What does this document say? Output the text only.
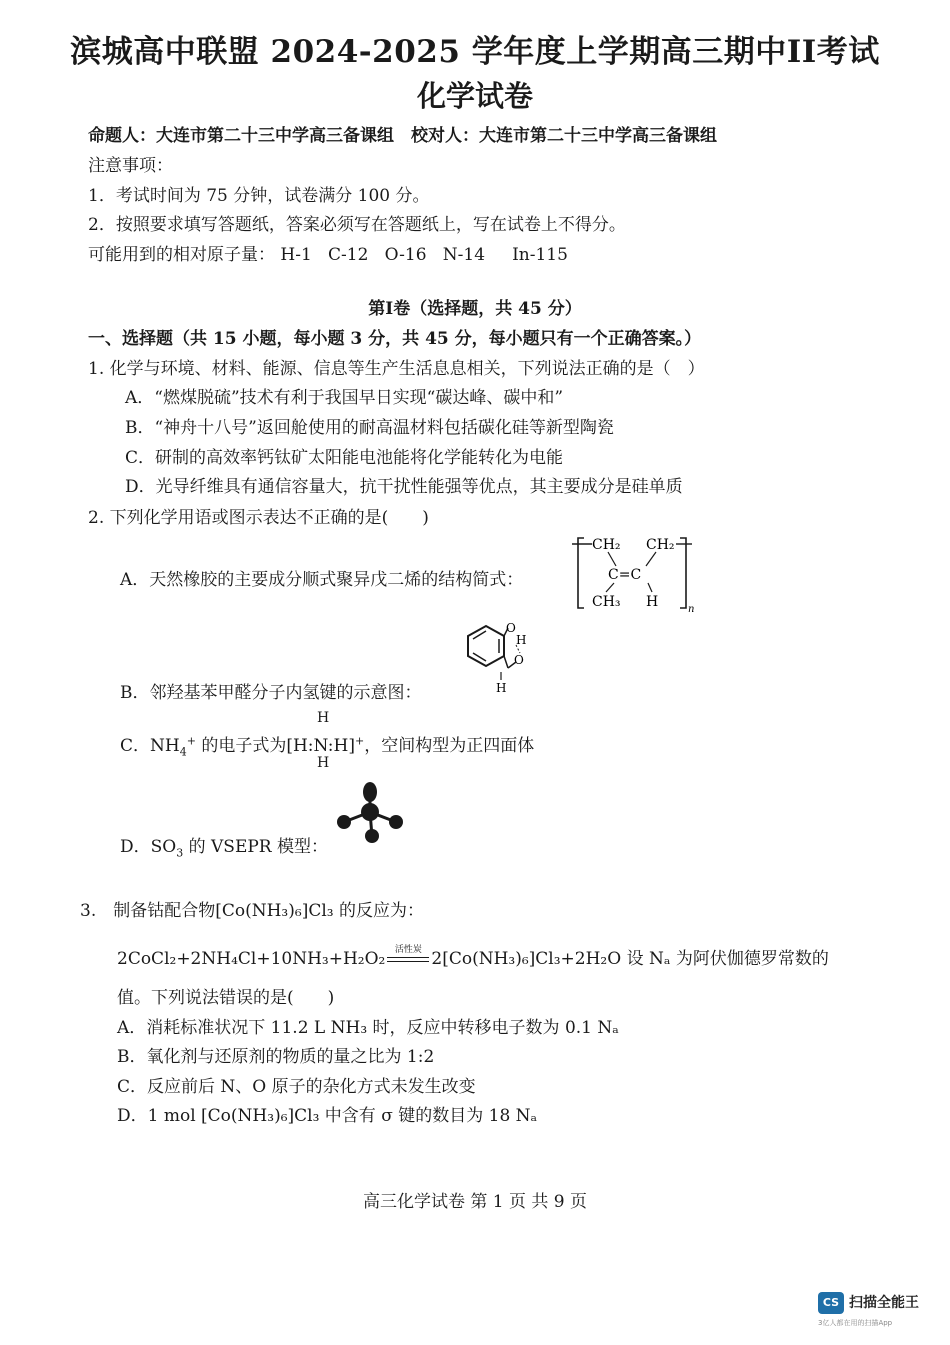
滨城高中联盟 2024-2025 学年度上学期高三期中II考试
化学试卷
命题人：大连市第二十三中学高三备课组　校对人：大连市第二十三中学高三备课组
注意事项：
1．考试时间为 75 分钟，试卷满分 100 分。
2．按照要求填写答题纸，答案必须写在答题纸上，写在试卷上不得分。
可能用到的相对原子量： H-1 C-12 O-16 N-14 In-115
第Ⅰ卷（选择题，共 45 分）
一、选择题（共 15 小题，每小题 3 分，共 45 分，每小题只有一个正确答案。）
1. 化学与环境、材料、能源、信息等生产生活息息相关，下列说法正确的是（　）
A．“燃煤脱硫”技术有利于我国早日实现“碳达峰、碳中和”
B．“神舟十八号”返回舱使用的耐高温材料包括碳化硅等新型陶瓷
C．研制的高效率钙钛矿太阳能电池能将化学能转化为电能
D．光导纤维具有通信容量大，抗干扰性能强等优点，其主要成分是硅单质
2. 下列化学用语或图示表达不正确的是(　　)
A．天然橡胶的主要成分顺式聚异戊二烯的结构简式：
CH₂ CH₂
C=C
CH₃ H	n
B．邻羟基苯甲醛分子内氢键的示意图：
O
H
O
H
H
C．$NH_4^+$ 的电子式为[H:N:H]+，空间构型为正四面体
H
D．$SO_3$ 的 VSEPR 模型：
3.　制备钴配合物[Co(NH₃)₆]Cl₃ 的反应为：
2CoCl₂+2NH₄Cl+10NH₃+H₂O₂	活性炭 2[Co(NH₃)₆]Cl₃+2H₂O 设 Nₐ 为阿伏伽德罗常数的
值。下列说法错误的是(　　)
A．消耗标准状况下 11.2 L NH₃ 时，反应中转移电子数为 0.1 Nₐ
B．氧化剂与还原剂的物质的量之比为 1:2
C．反应前后 N、O 原子的杂化方式未发生改变
D．1 mol [Co(NH₃)₆]Cl₃ 中含有 σ 键的数目为 18 Nₐ
高三化学试卷 第 1 页 共 9 页
CS 扫描全能王
3亿人都在用的扫描App
